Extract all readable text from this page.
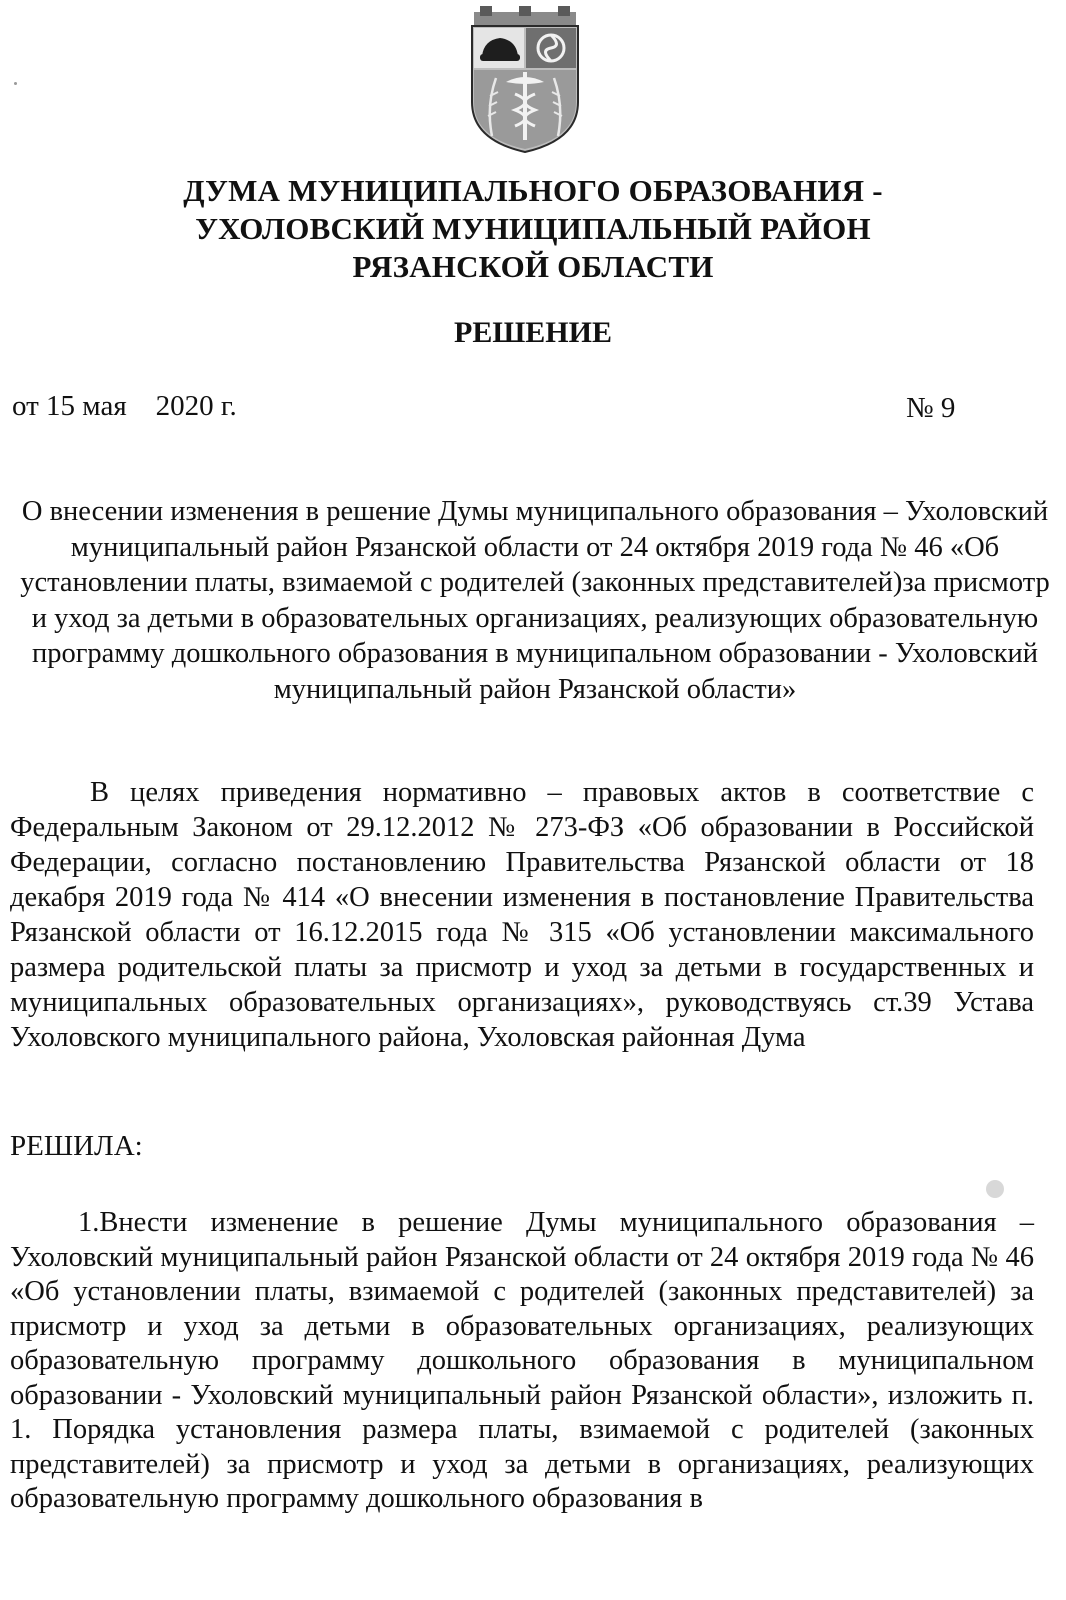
ДУМА МУНИЦИПАЛЬНОГО ОБРАЗОВАНИЯ -
УХОЛОВСКИЙ МУНИЦИПАЛЬНЫЙ РАЙОН
РЯЗАНСКОЙ ОБЛАСТИ
РЕШЕНИЕ
от 15 мая    2020 г.	№ 9
О внесении изменения в решение Думы муниципального образования – Ухоловский муниципальный район Рязанской области от 24 октября 2019 года № 46 «Об установлении платы, взимаемой с родителей (законных представителей)за присмотр и уход за детьми в образовательных организациях, реализующих образовательную программу дошкольного образования в муниципальном образовании - Ухоловский муниципальный район Рязанской области»
В целях приведения нормативно – правовых актов в соответствие с Федеральным Законом от 29.12.2012 № 273-ФЗ «Об образовании в Российской Федерации, согласно постановлению Правительства Рязанской области от 18 декабря 2019 года № 414 «О внесении изменения в постановление Правительства Рязанской области от 16.12.2015 года № 315 «Об установлении максимального размера родительской платы за присмотр и уход за детьми в государственных и муниципальных образовательных организациях», руководствуясь ст.39 Устава Ухоловского муниципального района, Ухоловская районная Дума
РЕШИЛА:
1.Внести изменение в решение Думы муниципального образования – Ухоловский муниципальный район Рязанской области от 24 октября 2019 года № 46 «Об установлении платы, взимаемой с родителей (законных представителей) за присмотр и уход за детьми в образовательных организациях, реализующих образовательную программу дошкольного образования в муниципальном образовании - Ухоловский муниципальный район Рязанской области», изложить п. 1. Порядка установления размера платы, взимаемой с родителей (законных представителей) за присмотр и уход за детьми в организациях, реализующих образовательную программу дошкольного образования в
